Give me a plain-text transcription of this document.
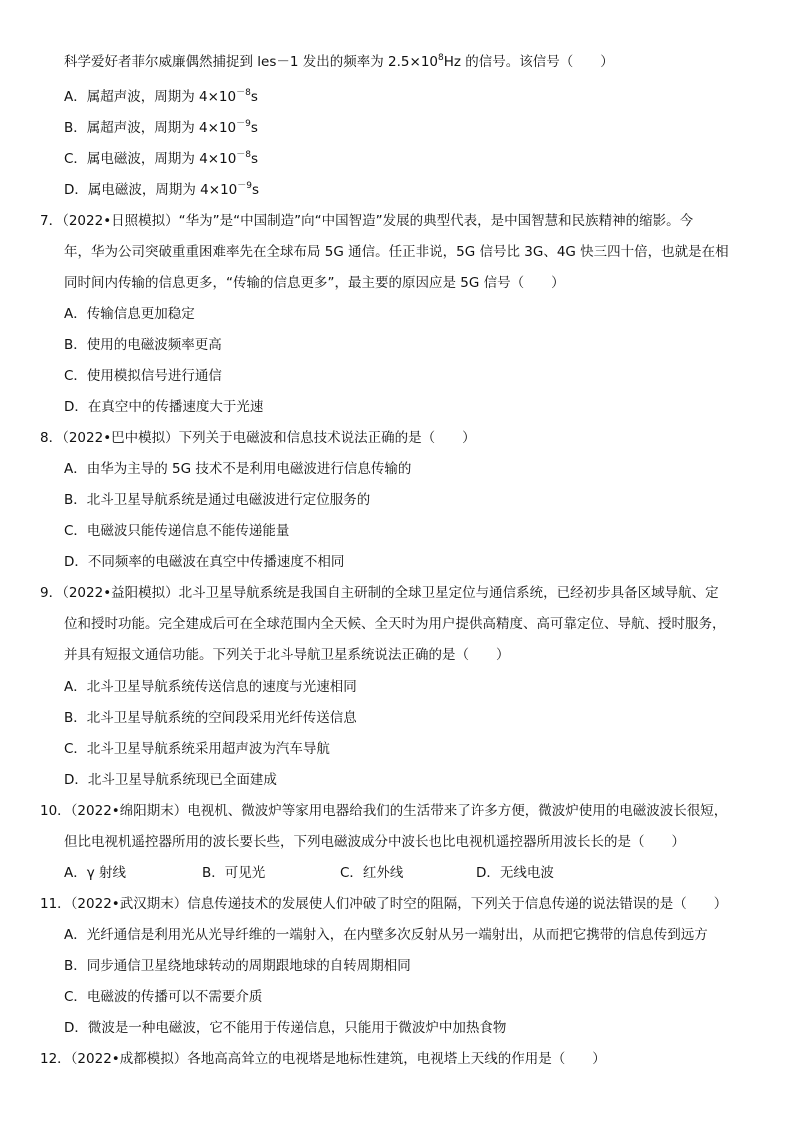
科学爱好者菲尔威廉偶然捕捉到 les－1 发出的频率为 $2.5\times 10^8Hz$ 的信号。该信号（　　）
A．属超声波，周期为 $4\times 10^{-8}s$
B．属超声波，周期为 $4\times 10^{-9}s$
C．属电磁波，周期为 $4\times 10^{-8}s$
D．属电磁波，周期为 $4\times 10^{-9}s$
7．（2022•日照模拟）“华为”是“中国制造”向“中国智造”发展的典型代表，是中国智慧和民族精神的缩影。今
年，华为公司突破重重困难率先在全球布局 5G 通信。任正非说，5G 信号比 3G、4G 快三四十倍，也就是在相
同时间内传输的信息更多，“传输的信息更多”，最主要的原因应是 5G 信号（　　）
A．传输信息更加稳定
B．使用的电磁波频率更高
C．使用模拟信号进行通信
D．在真空中的传播速度大于光速
8．（2022•巴中模拟）下列关于电磁波和信息技术说法正确的是（　　）
A．由华为主导的 5G 技术不是利用电磁波进行信息传输的
B．北斗卫星导航系统是通过电磁波进行定位服务的
C．电磁波只能传递信息不能传递能量
D．不同频率的电磁波在真空中传播速度不相同
9．（2022•益阳模拟）北斗卫星导航系统是我国自主研制的全球卫星定位与通信系统，已经初步具备区域导航、定
位和授时功能。完全建成后可在全球范围内全天候、全天时为用户提供高精度、高可靠定位、导航、授时服务，
并具有短报文通信功能。下列关于北斗导航卫星系统说法正确的是（　　）
A．北斗卫星导航系统传送信息的速度与光速相同
B．北斗卫星导航系统的空间段采用光纤传送信息
C．北斗卫星导航系统采用超声波为汽车导航
D．北斗卫星导航系统现已全面建成
10．（2022•绵阳期末）电视机、微波炉等家用电器给我们的生活带来了许多方便，微波炉使用的电磁波波长很短，
但比电视机遥控器所用的波长要长些，下列电磁波成分中波长也比电视机遥控器所用波长长的是（　　）
A．γ 射线	B．可见光	C．红外线	D．无线电波
11．（2022•武汉期末）信息传递技术的发展使人们冲破了时空的阻隔，下列关于信息传递的说法错误的是（　　）
A．光纤通信是利用光从光导纤维的一端射入，在内壁多次反射从另一端射出，从而把它携带的信息传到远方
B．同步通信卫星绕地球转动的周期跟地球的自转周期相同
C．电磁波的传播可以不需要介质
D．微波是一种电磁波，它不能用于传递信息，只能用于微波炉中加热食物
12．（2022•成都模拟）各地高高耸立的电视塔是地标性建筑，电视塔上天线的作用是（　　）
